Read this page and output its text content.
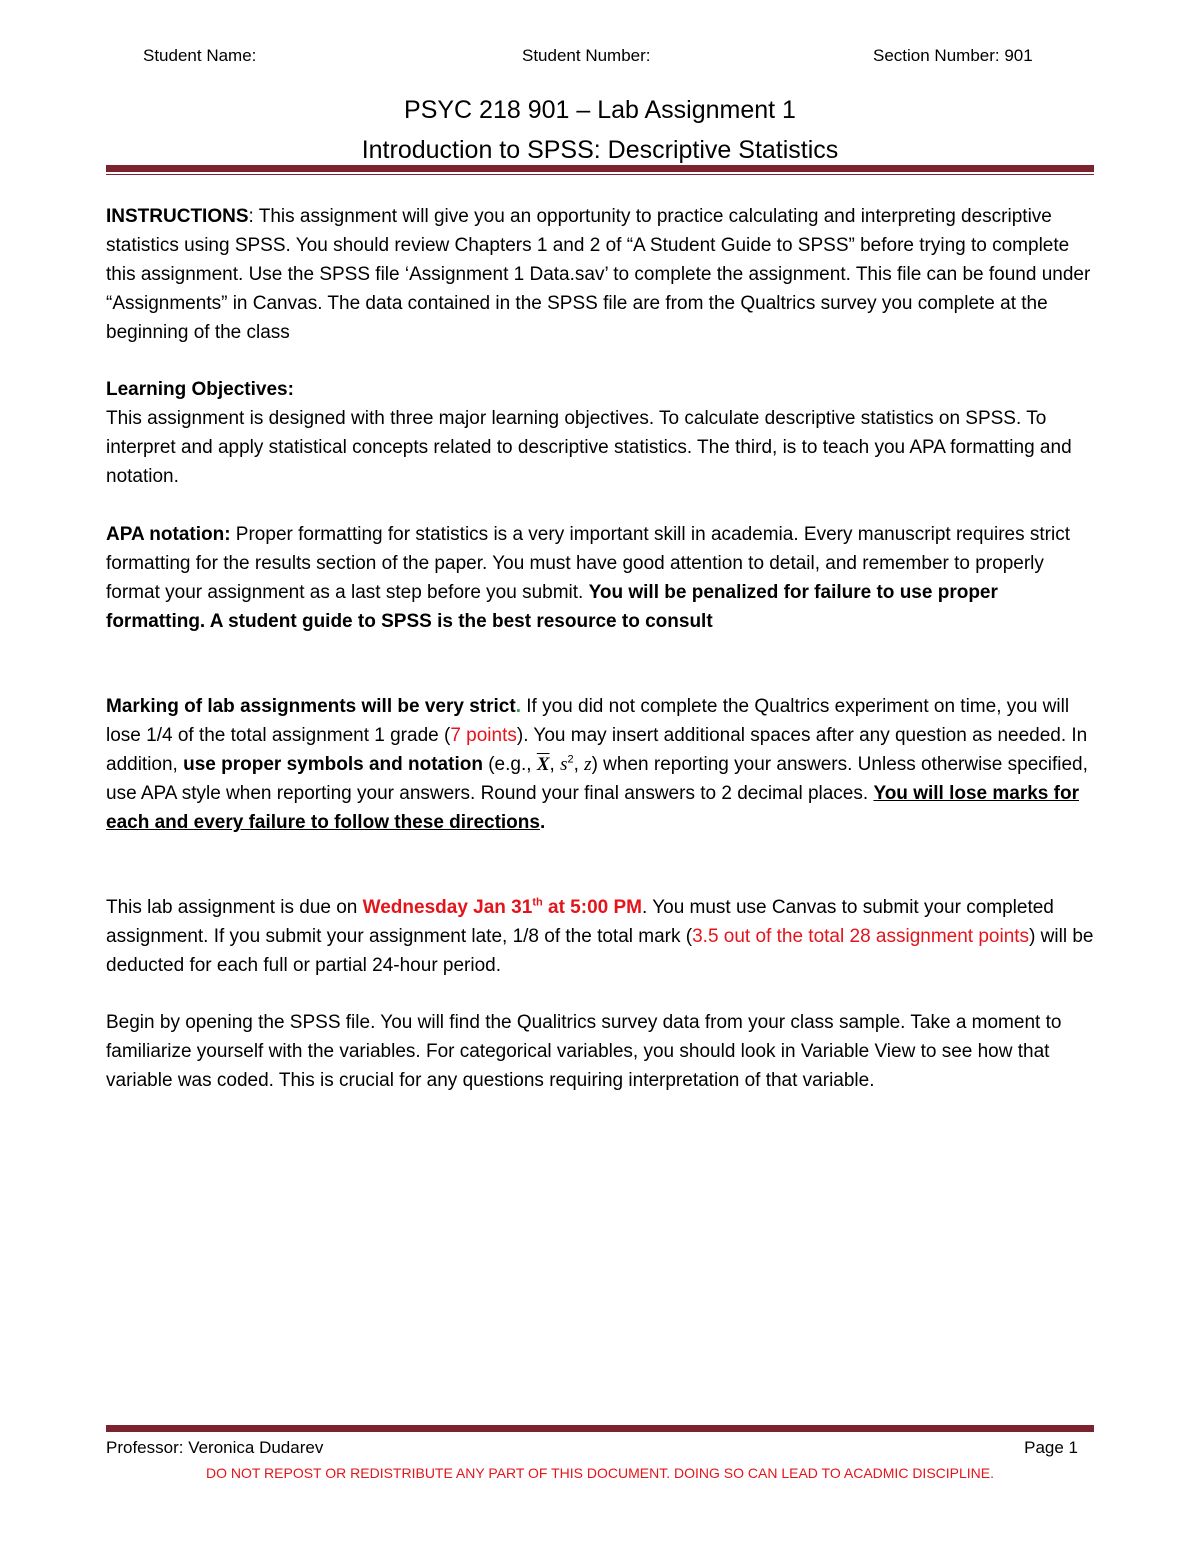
Student Name:	Student Number:	Section Number: 901
PSYC 218 901 – Lab Assignment 1
Introduction to SPSS: Descriptive Statistics

INSTRUCTIONS: This assignment will give you an opportunity to practice calculating and interpreting descriptive statistics using SPSS. You should review Chapters 1 and 2 of “A Student Guide to SPSS” before trying to complete this assignment. Use the SPSS file ‘Assignment 1 Data.sav’ to complete the assignment. This file can be found under “Assignments” in Canvas. The data contained in the SPSS file are from the Qualtrics survey you complete at the beginning of the class

Learning Objectives:

This assignment is designed with three major learning objectives. To calculate descriptive statistics on SPSS. To interpret and apply statistical concepts related to descriptive statistics. The third, is to teach you APA formatting and notation.

APA notation: Proper formatting for statistics is a very important skill in academia. Every manuscript requires strict formatting for the results section of the paper. You must have good attention to detail, and remember to properly format your assignment as a last step before you submit. You will be penalized for failure to use proper formatting. A student guide to SPSS is the best resource to consult

Marking of lab assignments will be very strict. If you did not complete the Qualtrics experiment on time, you will lose 1/4 of the total assignment 1 grade (7 points). You may insert additional spaces after any question as needed. In addition, use proper symbols and notation (e.g., $\overline{X}$, $s^2$, z) when reporting your answers. Unless otherwise specified, use APA style when reporting your answers. Round your final answers to 2 decimal places. You will lose marks for each and every failure to follow these directions.

This lab assignment is due on Wednesday Jan 31th at 5:00 PM. You must use Canvas to submit your completed assignment. If you submit your assignment late, 1/8 of the total mark (3.5 out of the total 28 assignment points) will be deducted for each full or partial 24-hour period.

Begin by opening the SPSS file. You will find the Qualitrics survey data from your class sample. Take a moment to familiarize yourself with the variables. For categorical variables, you should look in Variable View to see how that variable was coded. This is crucial for any questions requiring interpretation of that variable.

Professor: Veronica Dudarev	Page 1
DO NOT REPOST OR REDISTRIBUTE ANY PART OF THIS DOCUMENT. DOING SO CAN LEAD TO ACADMIC DISCIPLINE.
